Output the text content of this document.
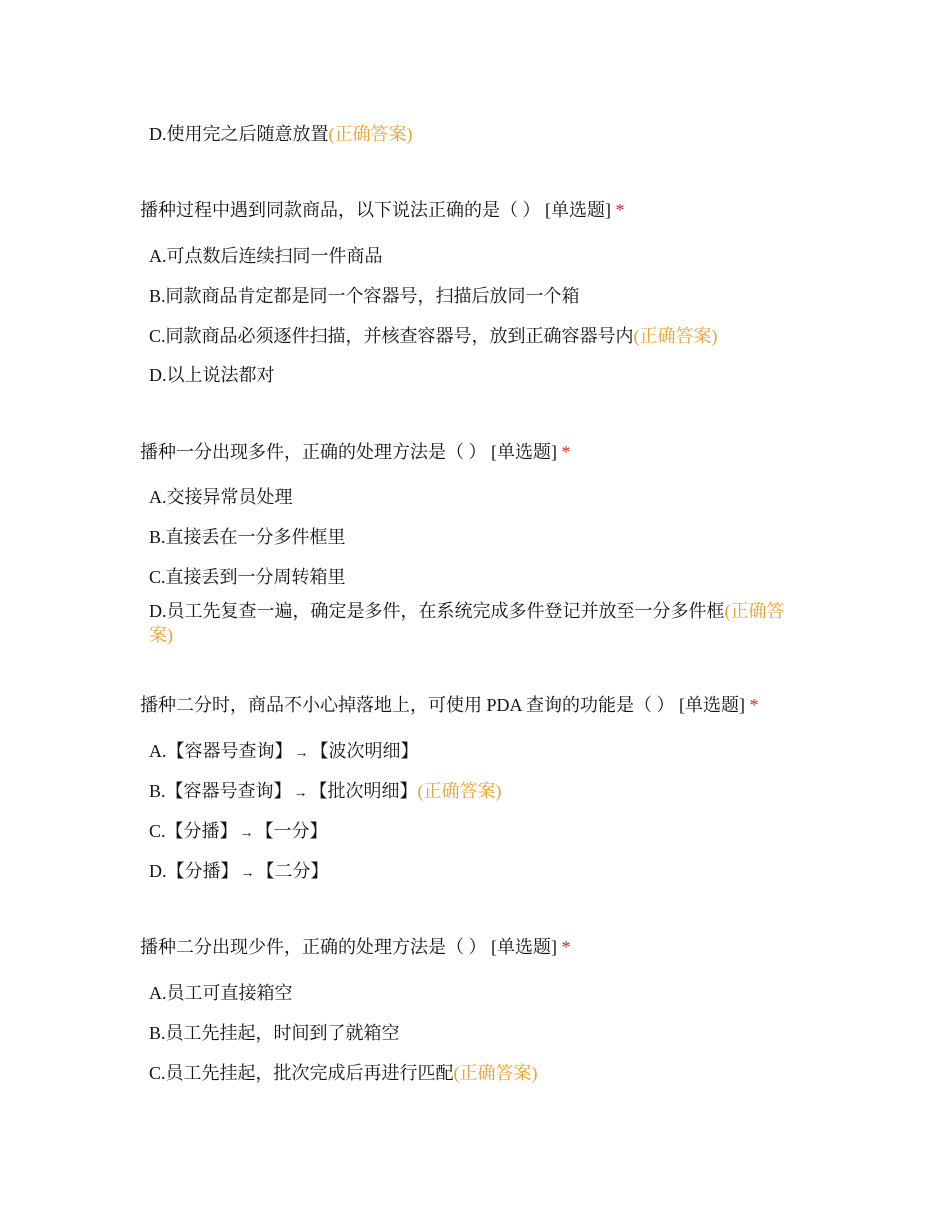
D.使用完之后随意放置(正确答案)
播种过程中遇到同款商品，以下说法正确的是（ ） [单选题] *
A.可点数后连续扫同一件商品
B.同款商品肯定都是同一个容器号，扫描后放同一个箱
C.同款商品必须逐件扫描，并核查容器号，放到正确容器号内(正确答案)
D.以上说法都对
播种一分出现多件，正确的处理方法是（ ） [单选题] *
A.交接异常员处理
B.直接丢在一分多件框里
C.直接丢到一分周转箱里
D.员工先复查一遍，确定是多件，在系统完成多件登记并放至一分多件框(正确答案)
播种二分时，商品不小心掉落地上，可使用 PDA 查询的功能是（ ） [单选题] *
A.【容器号查询】 → 【波次明细】
B.【容器号查询】 → 【批次明细】(正确答案)
C.【分播】 → 【一分】
D.【分播】 → 【二分】
播种二分出现少件，正确的处理方法是（ ） [单选题] *
A.员工可直接箱空
B.员工先挂起，时间到了就箱空
C.员工先挂起，批次完成后再进行匹配(正确答案)
